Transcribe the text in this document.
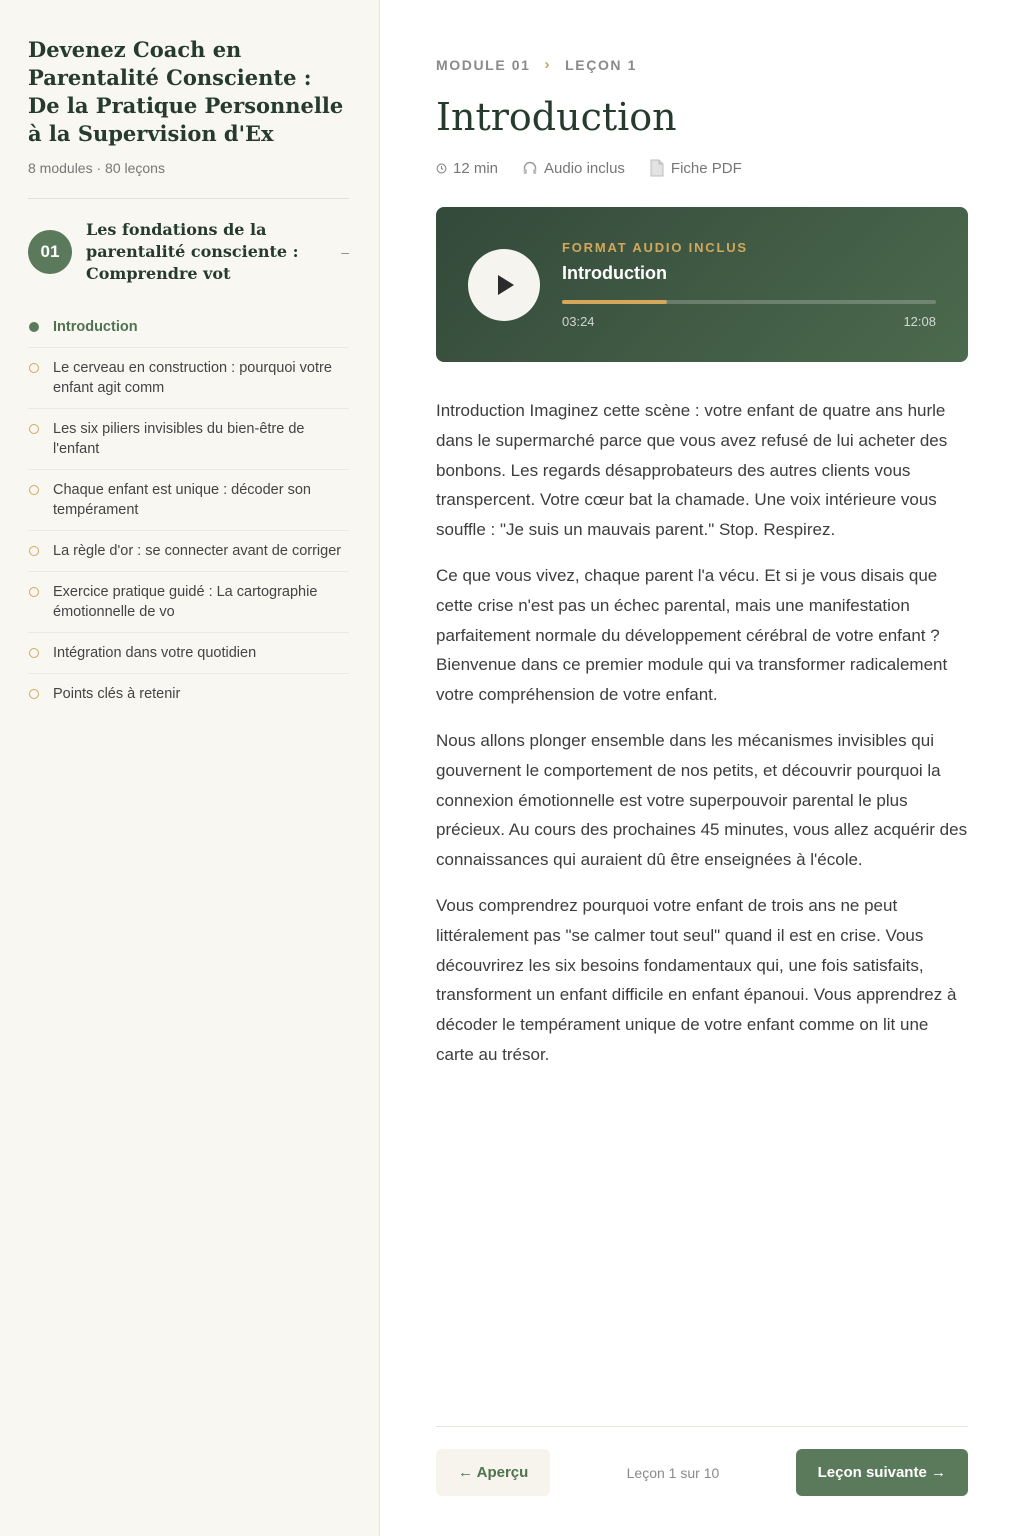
Devenez Coach en Parentalité Consciente : De la Pratique Personnelle à la Supervision d'Ex
8 modules · 80 leçons
01
Les fondations de la parentalité consciente : Comprendre vot
–
Introduction
Le cerveau en construction : pourquoi votre enfant agit comm
Les six piliers invisibles du bien-être de l'enfant
Chaque enfant est unique : décoder son tempérament
La règle d'or : se connecter avant de corriger
Exercice pratique guidé : La cartographie émotionnelle de vo
Intégration dans votre quotidien
Points clés à retenir
MODULE 01 › LEÇON 1
Introduction
12 min	Audio inclus	Fiche PDF
FORMAT AUDIO INCLUS
Introduction
03:24	12:08

Introduction Imaginez cette scène : votre enfant de quatre ans hurle dans le supermarché parce que vous avez refusé de lui acheter des bonbons. Les regards désapprobateurs des autres clients vous transpercent. Votre cœur bat la chamade. Une voix intérieure vous souffle : "Je suis un mauvais parent." Stop. Respirez.

Ce que vous vivez, chaque parent l'a vécu. Et si je vous disais que cette crise n'est pas un échec parental, mais une manifestation parfaitement normale du développement cérébral de votre enfant ? Bienvenue dans ce premier module qui va transformer radicalement votre compréhension de votre enfant.

Nous allons plonger ensemble dans les mécanismes invisibles qui gouvernent le comportement de nos petits, et découvrir pourquoi la connexion émotionnelle est votre superpouvoir parental le plus précieux. Au cours des prochaines 45 minutes, vous allez acquérir des connaissances qui auraient dû être enseignées à l'école.

Vous comprendrez pourquoi votre enfant de trois ans ne peut littéralement pas "se calmer tout seul" quand il est en crise. Vous découvrirez les six besoins fondamentaux qui, une fois satisfaits, transforment un enfant difficile en enfant épanoui. Vous apprendrez à décoder le tempérament unique de votre enfant comme on lit une carte au trésor.

← Aperçu	Leçon 1 sur 10	Leçon suivante →
